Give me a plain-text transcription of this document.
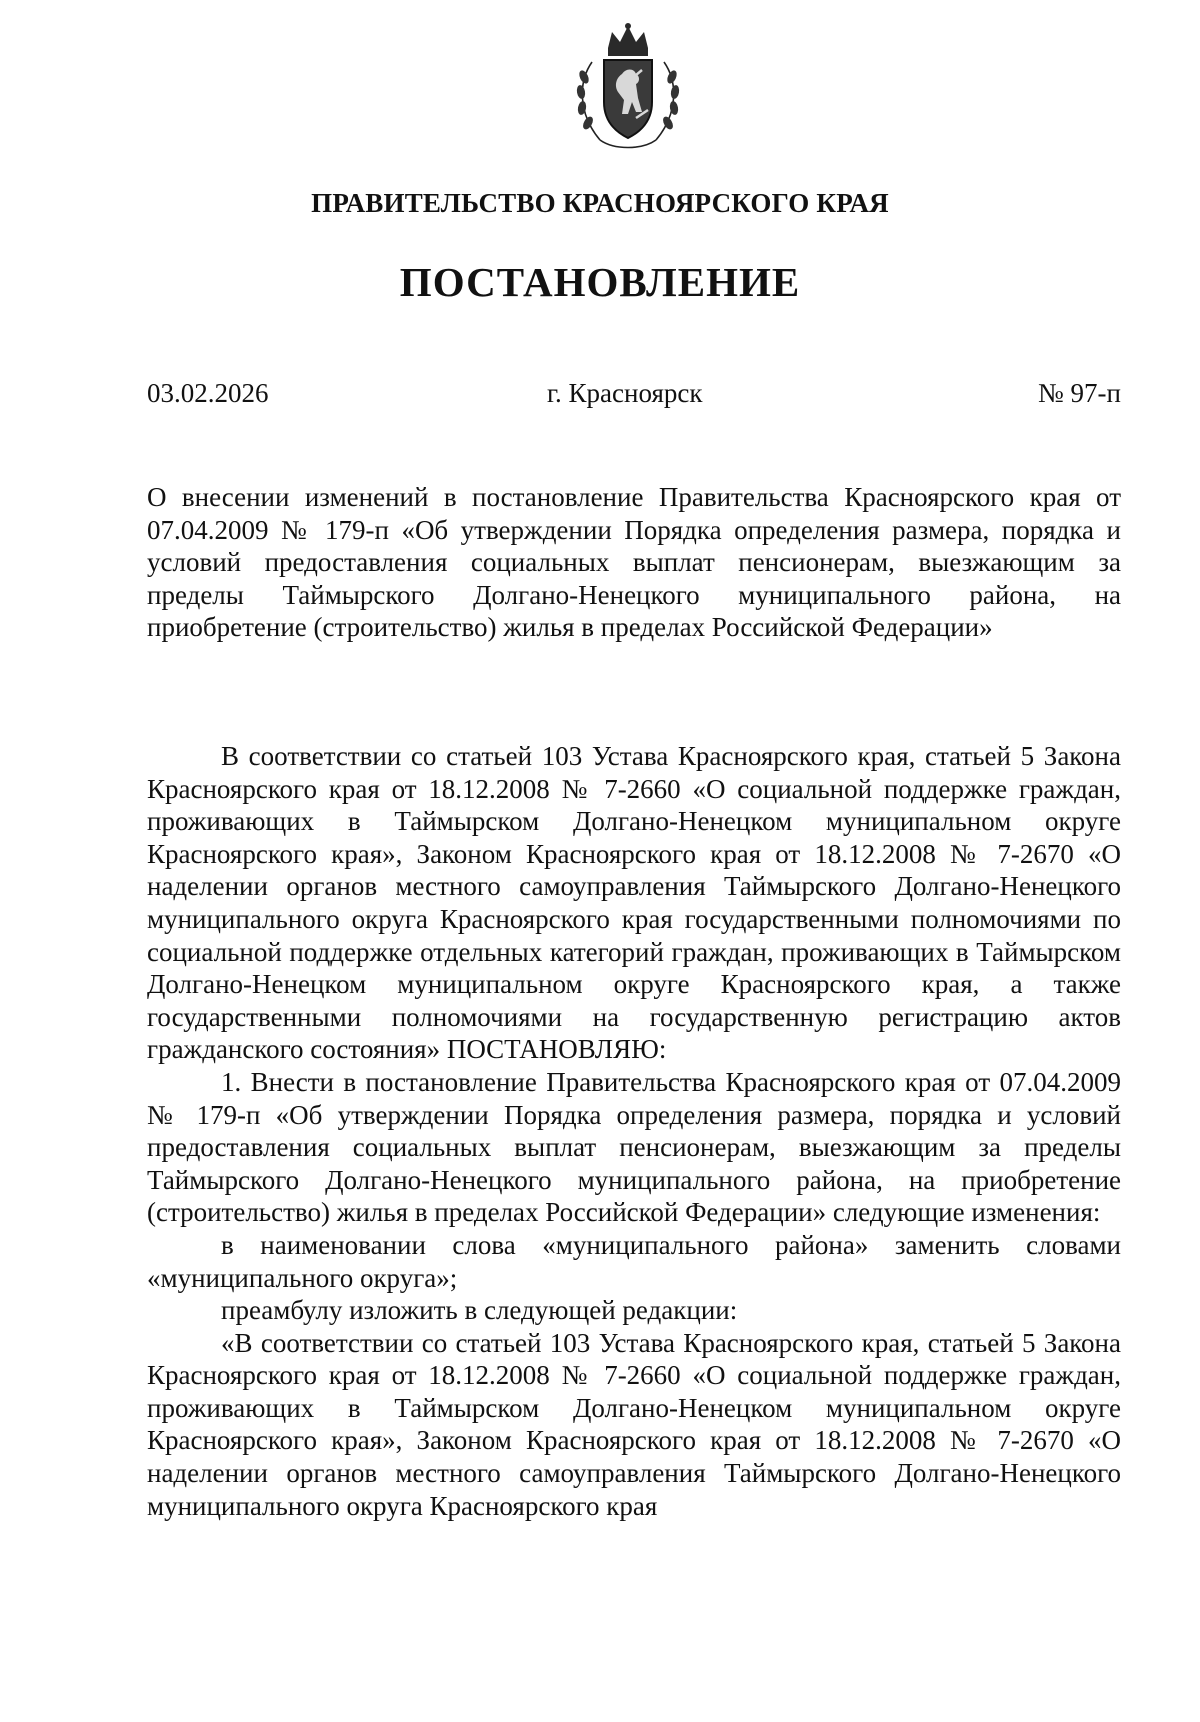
ПРАВИТЕЛЬСТВО КРАСНОЯРСКОГО КРАЯ
ПОСТАНОВЛЕНИЕ
03.02.2026	г. Красноярск	№ 97-п
О внесении изменений в постановление Правительства Красноярского края от 07.04.2009 № 179-п «Об утверждении Порядка определения размера, порядка и условий предоставления социальных выплат пенсионерам, выезжающим за пределы Таймырского Долгано-Ненецкого муниципального района, на приобретение (строительство) жилья в пределах Российской Федерации»

В соответствии со статьей 103 Устава Красноярского края, статьей 5 Закона Красноярского края от 18.12.2008 № 7-2660 «О социальной поддержке граждан, проживающих в Таймырском Долгано-Ненецком муниципальном округе Красноярского края», Законом Красноярского края от 18.12.2008 № 7-2670 «О наделении органов местного самоуправления Таймырского Долгано-Ненецкого муниципального округа Красноярского края государственными полномочиями по социальной поддержке отдельных категорий граждан, проживающих в Таймырском Долгано-Ненецком муниципальном округе Красноярского края, а также государственными полномочиями на государственную регистрацию актов гражданского состояния» ПОСТАНОВЛЯЮ:

1. Внести в постановление Правительства Красноярского края от 07.04.2009 № 179-п «Об утверждении Порядка определения размера, порядка и условий предоставления социальных выплат пенсионерам, выезжающим за пределы Таймырского Долгано-Ненецкого муниципального района, на приобретение (строительство) жилья в пределах Российской Федерации» следующие изменения:

в наименовании слова «муниципального района» заменить словами «муниципального округа»;

преамбулу изложить в следующей редакции:

«В соответствии со статьей 103 Устава Красноярского края, статьей 5 Закона Красноярского края от 18.12.2008 № 7-2660 «О социальной поддержке граждан, проживающих в Таймырском Долгано-Ненецком муниципальном округе Красноярского края», Законом Красноярского края от 18.12.2008 № 7-2670 «О наделении органов местного самоуправления Таймырского Долгано-Ненецкого муниципального округа Красноярского края
